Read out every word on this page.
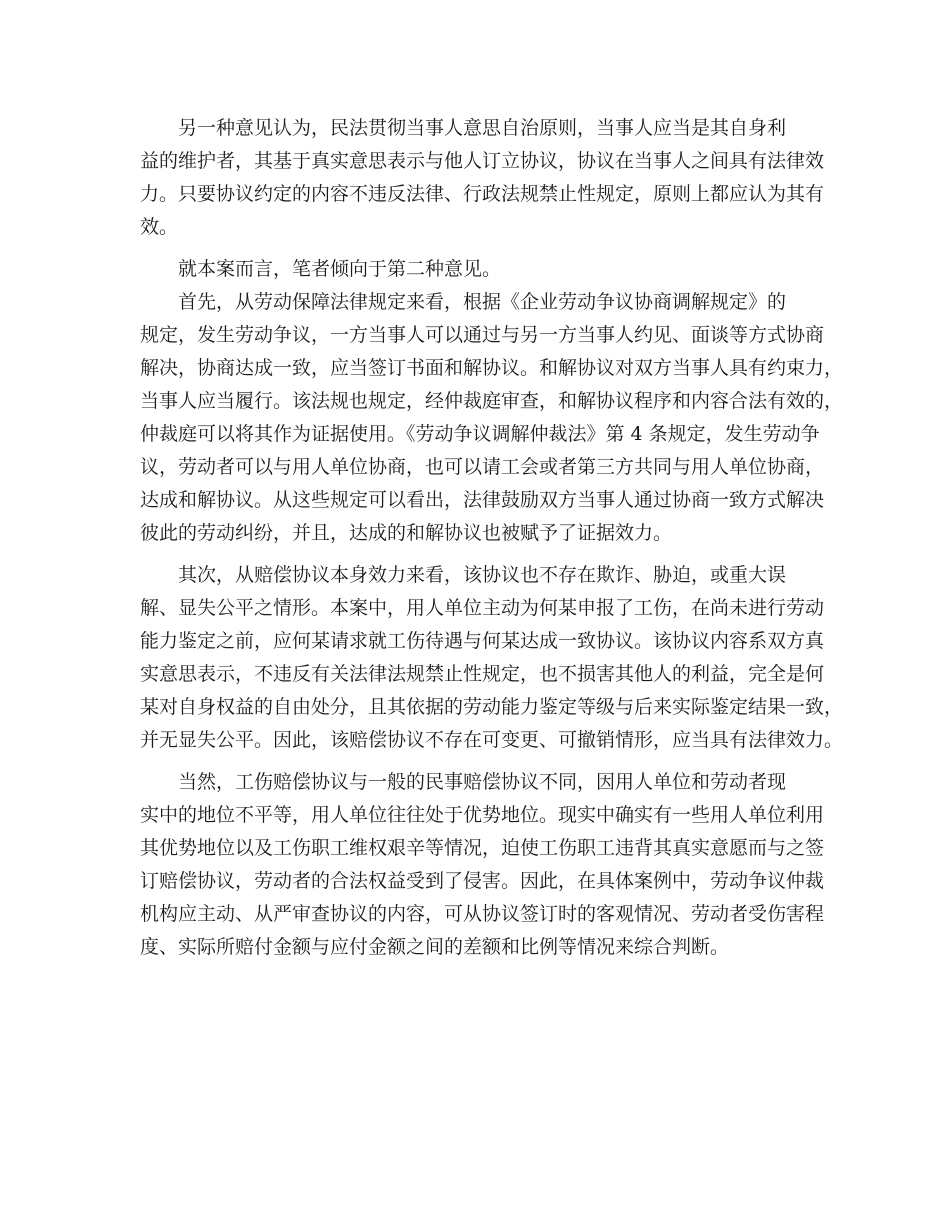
另一种意见认为，民法贯彻当事人意思自治原则，当事人应当是其自身利
益的维护者，其基于真实意思表示与他人订立协议，协议在当事人之间具有法律效
力。只要协议约定的内容不违反法律、行政法规禁止性规定，原则上都应认为其有
效。
就本案而言，笔者倾向于第二种意见。
首先，从劳动保障法律规定来看，根据《企业劳动争议协商调解规定》的
规定，发生劳动争议，一方当事人可以通过与另一方当事人约见、面谈等方式协商
解决，协商达成一致，应当签订书面和解协议。和解协议对双方当事人具有约束力，
当事人应当履行。该法规也规定，经仲裁庭审查，和解协议程序和内容合法有效的，
仲裁庭可以将其作为证据使用。《劳动争议调解仲裁法》第 4 条规定，发生劳动争
议，劳动者可以与用人单位协商，也可以请工会或者第三方共同与用人单位协商，
达成和解协议。从这些规定可以看出，法律鼓励双方当事人通过协商一致方式解决
彼此的劳动纠纷，并且，达成的和解协议也被赋予了证据效力。
其次，从赔偿协议本身效力来看，该协议也不存在欺诈、胁迫，或重大误
解、显失公平之情形。本案中，用人单位主动为何某申报了工伤，在尚未进行劳动
能力鉴定之前，应何某请求就工伤待遇与何某达成一致协议。该协议内容系双方真
实意思表示，不违反有关法律法规禁止性规定，也不损害其他人的利益，完全是何
某对自身权益的自由处分，且其依据的劳动能力鉴定等级与后来实际鉴定结果一致，
并无显失公平。因此，该赔偿协议不存在可变更、可撤销情形，应当具有法律效力。
当然，工伤赔偿协议与一般的民事赔偿协议不同，因用人单位和劳动者现
实中的地位不平等，用人单位往往处于优势地位。现实中确实有一些用人单位利用
其优势地位以及工伤职工维权艰辛等情况，迫使工伤职工违背其真实意愿而与之签
订赔偿协议，劳动者的合法权益受到了侵害。因此，在具体案例中，劳动争议仲裁
机构应主动、从严审查协议的内容，可从协议签订时的客观情况、劳动者受伤害程
度、实际所赔付金额与应付金额之间的差额和比例等情况来综合判断。
